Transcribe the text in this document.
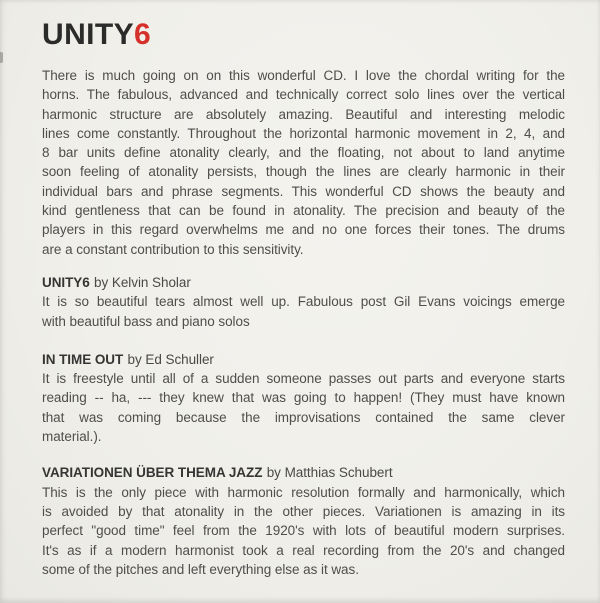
UNITY6
There is much going on on this wonderful CD. I love the chordal writing for the
horns. The fabulous, advanced and technically correct solo lines over the vertical
harmonic structure are absolutely amazing. Beautiful and interesting melodic
lines come constantly. Throughout the horizontal harmonic movement in 2, 4, and
8 bar units define atonality clearly, and the floating, not about to land anytime
soon feeling of atonality persists, though the lines are clearly harmonic in their
individual bars and phrase segments. This wonderful CD shows the beauty and
kind gentleness that can be found in atonality. The precision and beauty of the
players in this regard overwhelms me and no one forces their tones. The drums
are a constant contribution to this sensitivity.
UNITY6 by Kelvin Sholar
It is so beautiful tears almost well up. Fabulous post Gil Evans voicings emerge
with beautiful bass and piano solos
IN TIME OUT by Ed Schuller
It is freestyle until all of a sudden someone passes out parts and everyone starts
reading -- ha, --- they knew that was going to happen! (They must have known
that was coming because the improvisations contained the same clever
material.).
VARIATIONEN ÜBER THEMA JAZZ by Matthias Schubert
This is the only piece with harmonic resolution formally and harmonically, which
is avoided by that atonality in the other pieces. Variationen is amazing in its
perfect "good time" feel from the 1920's with lots of beautiful modern surprises.
It's as if a modern harmonist took a real recording from the 20's and changed
some of the pitches and left everything else as it was.
